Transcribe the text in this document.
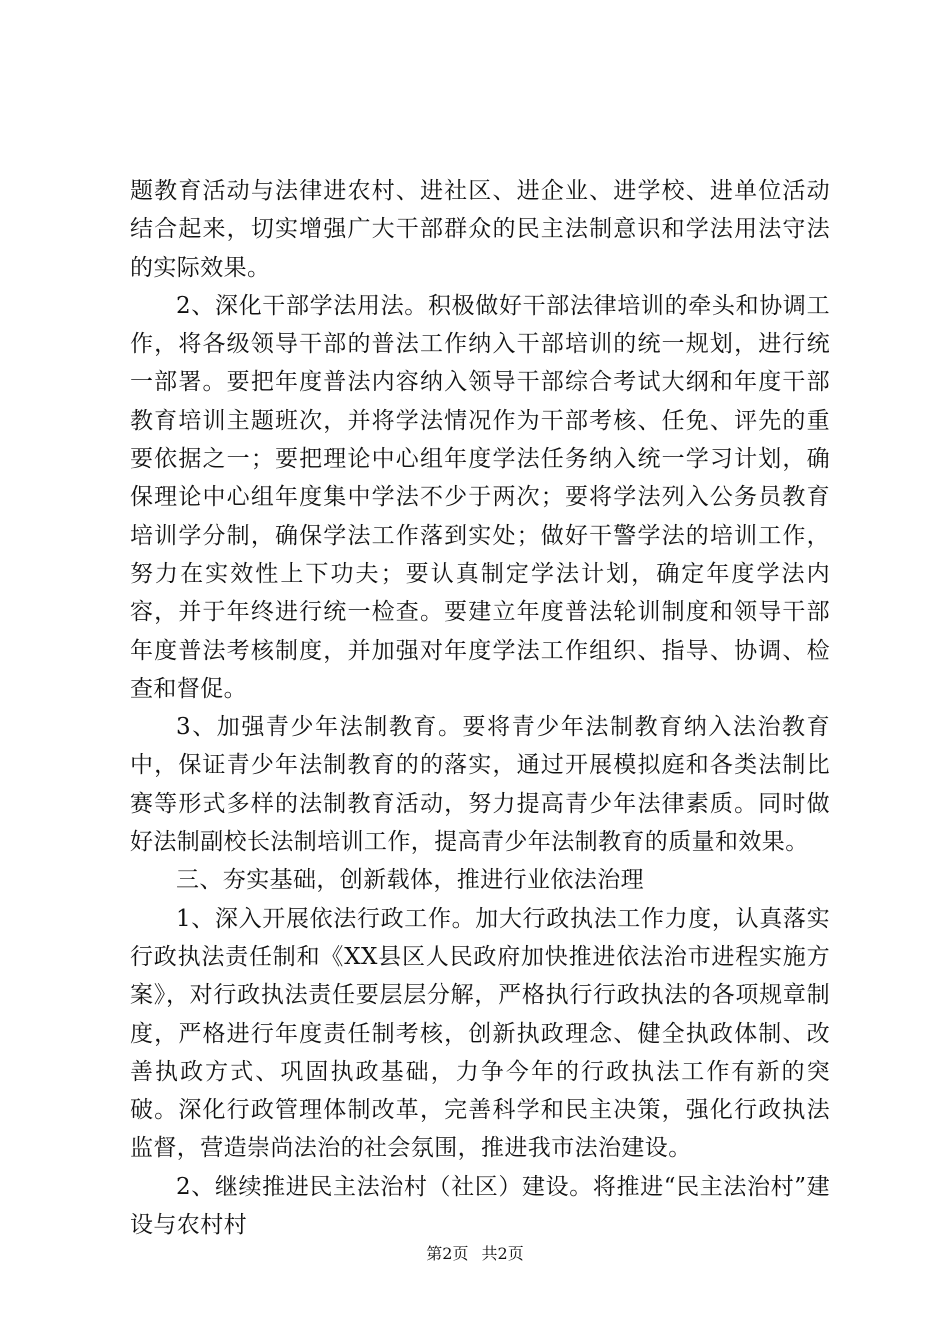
题教育活动与法律进农村、进社区、进企业、进学校、进单位活动结合起来，切实增强广大干部群众的民主法制意识和学法用法守法的实际效果。

2、深化干部学法用法。积极做好干部法律培训的牵头和协调工作，将各级领导干部的普法工作纳入干部培训的统一规划，进行统一部署。要把年度普法内容纳入领导干部综合考试大纲和年度干部教育培训主题班次，并将学法情况作为干部考核、任免、评先的重要依据之一；要把理论中心组年度学法任务纳入统一学习计划，确保理论中心组年度集中学法不少于两次；要将学法列入公务员教育培训学分制，确保学法工作落到实处；做好干警学法的培训工作，努力在实效性上下功夫；要认真制定学法计划，确定年度学法内容，并于年终进行统一检查。要建立年度普法轮训制度和领导干部年度普法考核制度，并加强对年度学法工作组织、指导、协调、检查和督促。

3、加强青少年法制教育。要将青少年法制教育纳入法治教育中，保证青少年法制教育的的落实，通过开展模拟庭和各类法制比赛等形式多样的法制教育活动，努力提高青少年法律素质。同时做好法制副校长法制培训工作，提高青少年法制教育的质量和效果。

三、夯实基础，创新载体，推进行业依法治理

1、深入开展依法行政工作。加大行政执法工作力度，认真落实行政执法责任制和《XX县区人民政府加快推进依法治市进程实施方案》，对行政执法责任要层层分解，严格执行行政执法的各项规章制度，严格进行年度责任制考核，创新执政理念、健全执政体制、改善执政方式、巩固执政基础，力争今年的行政执法工作有新的突破。深化行政管理体制改革，完善科学和民主决策，强化行政执法监督，营造崇尚法治的社会氛围，推进我市法治建设。

2、继续推进民主法治村（社区）建设。将推进“民主法治村”建设与农村村

第2页 共2页
